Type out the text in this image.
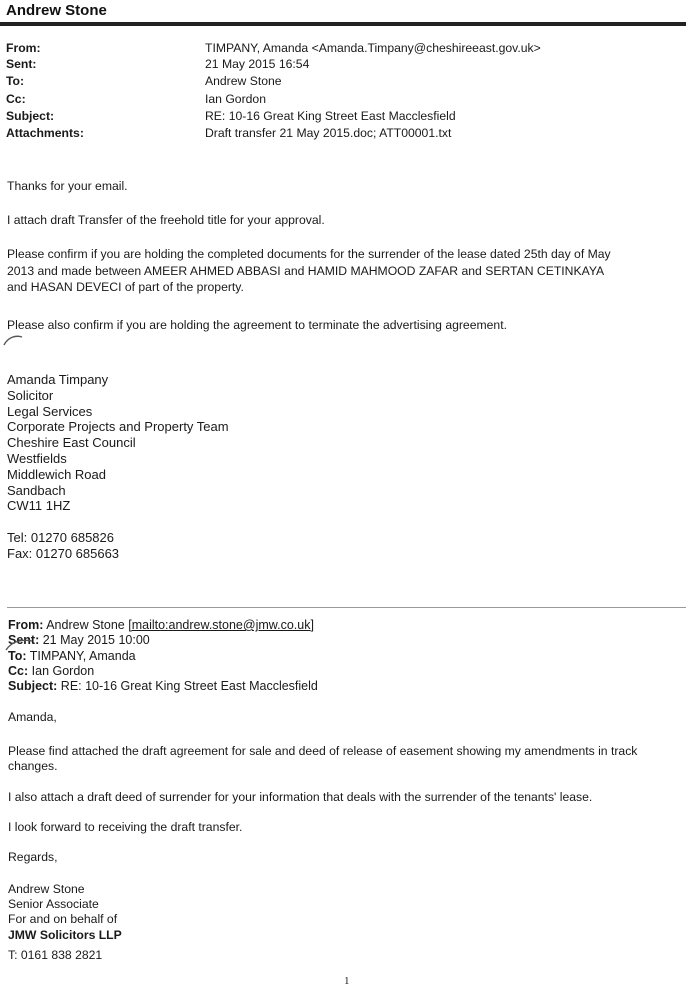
Andrew Stone
From:	TIMPANY, Amanda <Amanda.Timpany@cheshireeast.gov.uk>
Sent:	21 May 2015 16:54
To:	Andrew Stone
Cc:	Ian Gordon
Subject:	RE: 10-16 Great King Street East Macclesfield
Attachments:	Draft transfer 21 May 2015.doc; ATT00001.txt

Thanks for your email.

I attach draft Transfer of the freehold title for your approval.

Please confirm if you are holding the completed documents for the surrender of the lease dated 25th day of May 2013 and made between AMEER AHMED ABBASI and HAMID MAHMOOD ZAFAR and SERTAN CETINKAYA and HASAN DEVECI of part of the property.

Please also confirm if you are holding the agreement to terminate the advertising agreement.

Amanda Timpany
Solicitor
Legal Services
Corporate Projects and Property Team
Cheshire East Council
Westfields
Middlewich Road
Sandbach
CW11 1HZ
Tel: 01270 685826
Fax: 01270 685663
From: Andrew Stone [mailto:andrew.stone@jmw.co.uk]
Sent: 21 May 2015 10:00
To: TIMPANY, Amanda
Cc: Ian Gordon
Subject: RE: 10-16 Great King Street East Macclesfield

Amanda,

Please find attached the draft agreement for sale and deed of release of easement showing my amendments in track changes.

I also attach a draft deed of surrender for your information that deals with the surrender of the tenants' lease.

I look forward to receiving the draft transfer.

Regards,

Andrew Stone
Senior Associate
For and on behalf of
JMW Solicitors LLP
T: 0161 838 2821
1
